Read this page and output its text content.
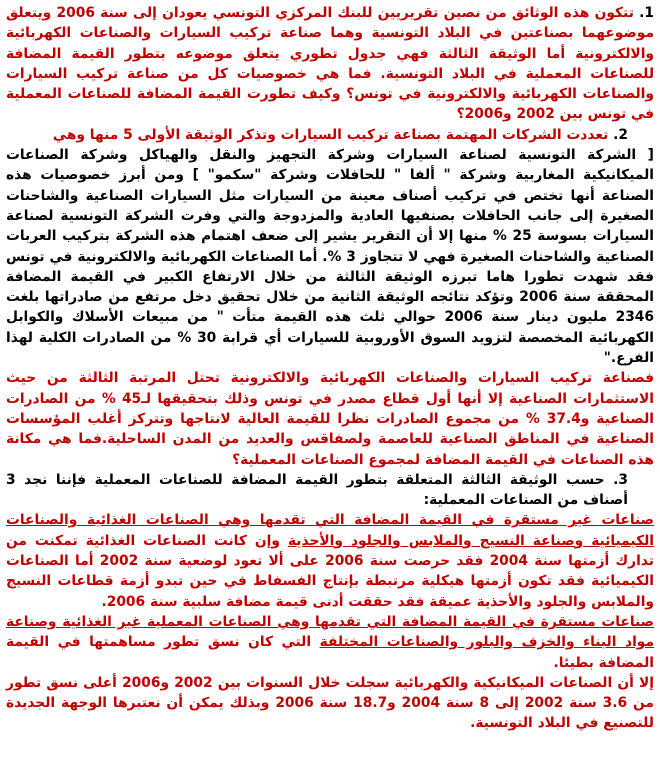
1. تتكون هذه الوثائق من نصين تقريريين للبنك المركزي التونسي يعودان إلى سنة 2006 ويتعلق موضوعهما بصناعتين في البلاد التونسية وهما صناعة تركيب السيارات والصناعات الكهربائية والالكترونية أما الوثيقة الثالثة فهي جدول تطوري يتعلق موضوعه بتطور القيمة المضافة للصناعات المعملية في البلاد التونسية. فما هي خصوصيات كل من صناعة تركيب السيارات والصناعات الكهربائية والالكترونية في تونس؟ وكيف تطورت القيمة المضافة للصناعات المعملية في تونس بين 2002 و2006؟

2. تعددت الشركات المهتمة بصناعة تركيب السيارات وتذكر الوثيقة الأولى 5 منها وهي

[ الشركة التونسية لصناعة السيارات وشركة التجهيز والنقل والهياكل وشركة الصناعات الميكانيكية المغاربية وشركة " ألفا " للحافلات وشركة "سكمو" ] ومن أبرز خصوصيات هذه الصناعة أنها تختص في تركيب أصناف معينة من السيارات مثل السيارات الصناعية والشاحنات الصغيرة إلى جانب الحافلات بصنفيها العادية والمزدوجة والتي وفرت الشركة التونسية لصناعة السيارات بسوسة 25 % منها إلا أن التقرير يشير إلى ضعف اهتمام هذه الشركة بتركيب العربات الصناعية والشاحنات الصغيرة فهي لا تتجاوز 3 %. أما الصناعات الكهربائية والالكترونية في تونس فقد شهدت تطورا هاما تبرزه الوثيقة الثالثة من خلال الارتفاع الكبير في القيمة المضافة المحققة سنة 2006 وتؤكد نتائجه الوثيقة الثانية من خلال تحقيق دخل مرتفع من صادراتها بلغت 2346 مليون دينار سنة 2006 حوالي ثلث هذه القيمة متأت " من مبيعات الأسلاك والكوابل الكهربائية المخصصة لتزويد السوق الأوروبية للسيارات أي قرابة 30 % من الصادرات الكلية لهذا الفرع."

فصناعة تركيب السيارات والصناعات الكهربائية والالكترونية تحتل المرتبة الثالثة من حيث الاستثمارات الصناعية إلا أنها أول قطاع مصدر في تونس وذلك بتحقيقها لـ45 % من الصادرات الصناعية و37.4 % من مجموع الصادرات نظرا للقيمة العالية لانتاجها وتتركز أغلب المؤسسات الصناعية في المناطق الصناعية للعاصمة ولصفاقس والعديد من المدن الساحلية.فما هي مكانة هذه الصناعات في القيمة المضافة لمجموع الصناعات المعملية؟

3. حسب الوثيقة الثالثة المتعلقة بتطور القيمة المضافة للصناعات المعملية فإننا نجد 3 أصناف من الصناعات المعملية:

صناعات غير مستقرة في القيمة المضافة التي تقدمها وهي الصناعات الغذائية والصناعات الكيميائية وصناعة النسيج والملابس والجلود والأحذية وإن كانت الصناعات الغذائية تمكنت من تدارك أزمتها سنة 2004 فقد حرصت سنة 2006 على ألا تعود لوضعية سنة 2002 أما الصناعات الكيميائية فقد تكون أزمتها هيكلية مرتبطة بإنتاج الفسفاط في حين تبدو أزمة قطاعات النسيج والملابس والجلود والأحذية عميقة فقد حققت أدنى قيمة مضافة سلبية سنة 2006.

صناعات مستقرة في القيمة المضافة التي تقدمها وهي الصناعات المعملية غير الغذائية وصناعة مواد البناء والخزف والبلور والصناعات المختلفة التي كان نسق تطور مساهمتها في القيمة المضافة بطيئا.

إلا أن الصناعات الميكانيكية والكهربائية سجلت خلال السنوات بين 2002 و2006 أعلى نسق تطور من 3.6 سنة 2002 إلى 8 سنة 2004 و18.7 سنة 2006 وبذلك يمكن أن نعتبرها الوجهة الجديدة للتصنيع في البلاد التونسية.
